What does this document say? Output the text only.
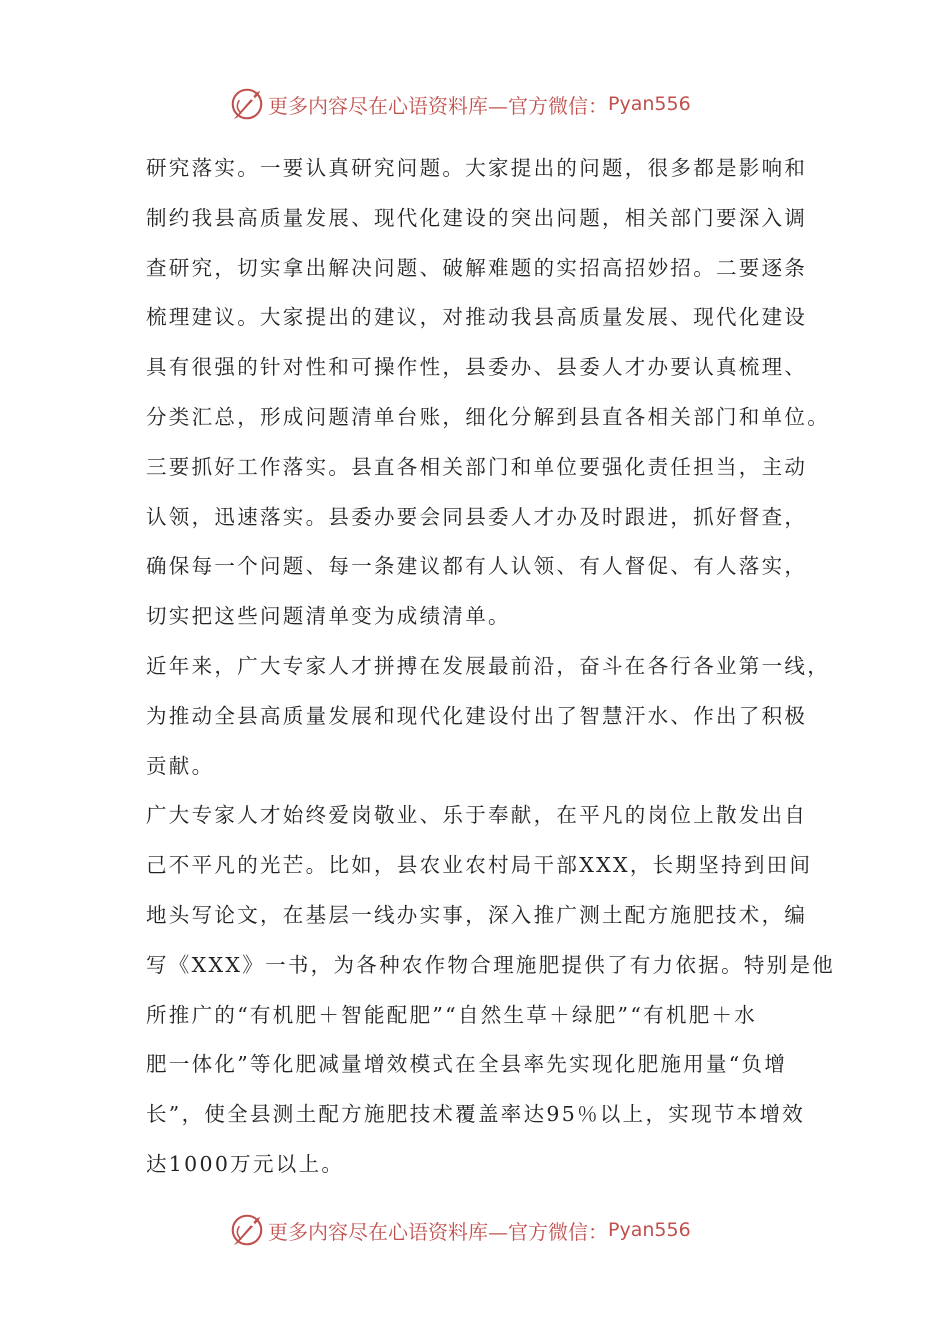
更多内容尽在心语资料库—官方微信： Pyan556

研究落实。一要认真研究问题。大家提出的问题，很多都是影响和
制约我县高质量发展、现代化建设的突出问题，相关部门要深入调
查研究，切实拿出解决问题、破解难题的实招高招妙招。二要逐条
梳理建议。大家提出的建议，对推动我县高质量发展、现代化建设
具有很强的针对性和可操作性，县委办、县委人才办要认真梳理、
分类汇总，形成问题清单台账，细化分解到县直各相关部门和单位。
三要抓好工作落实。县直各相关部门和单位要强化责任担当，主动
认领，迅速落实。县委办要会同县委人才办及时跟进，抓好督查，
确保每一个问题、每一条建议都有人认领、有人督促、有人落实，
切实把这些问题清单变为成绩清单。

近年来，广大专家人才拼搏在发展最前沿，奋斗在各行各业第一线，
为推动全县高质量发展和现代化建设付出了智慧汗水、作出了积极
贡献。

广大专家人才始终爱岗敬业、乐于奉献，在平凡的岗位上散发出自
己不平凡的光芒。比如，县农业农村局干部XXX，长期坚持到田间
地头写论文，在基层一线办实事，深入推广测土配方施肥技术，编
写《XXX》一书，为各种农作物合理施肥提供了有力依据。特别是他
所推广的“有机肥＋智能配肥”“自然生草＋绿肥”“有机肥＋水
肥一体化”等化肥减量增效模式在全县率先实现化肥施用量“负增
长”，使全县测土配方施肥技术覆盖率达95％以上，实现节本增效
达1000万元以上。

更多内容尽在心语资料库—官方微信： Pyan556
